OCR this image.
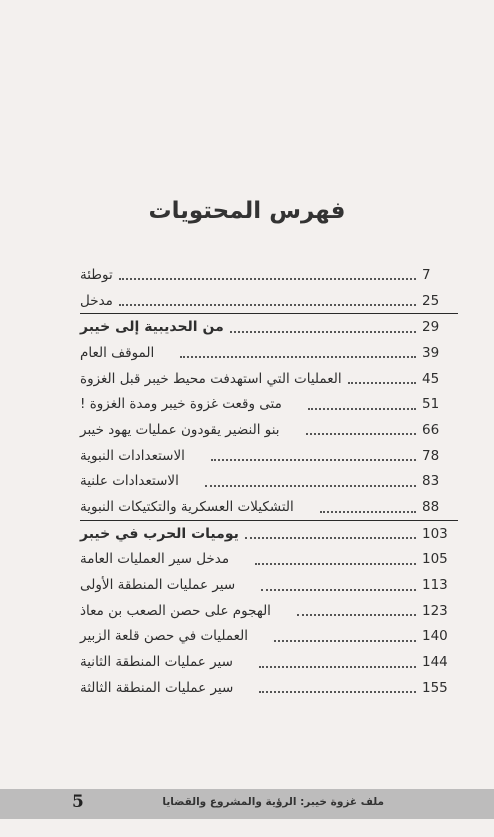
فهرس المحتويات
توطئة	7
مدخل	25
من الحديبية إلى خيبر	29
الموقف العام	39
العمليات التي استهدفت محيط خيبر قبل الغزوة	45
متى وقعت غزوة خيبر ومدة الغزوة !	51
بنو النضير يقودون عمليات يهود خيبر	66
الاستعدادات النبوية	78
الاستعدادات علنية	83
التشكيلات العسكرية والتكتيكات النبوية	88
يوميات الحرب في خيبر	103
مدخل سير العمليات العامة	105
سير عمليات المنطقة الأولى	113
الهجوم على حصن الصعب بن معاذ	123
العمليات في حصن قلعة الزبير	140
سير عمليات المنطقة الثانية	144
سير عمليات المنطقة الثالثة	155
5	ملف غزوة خيبر: الرؤية والمشروع والقضايا
